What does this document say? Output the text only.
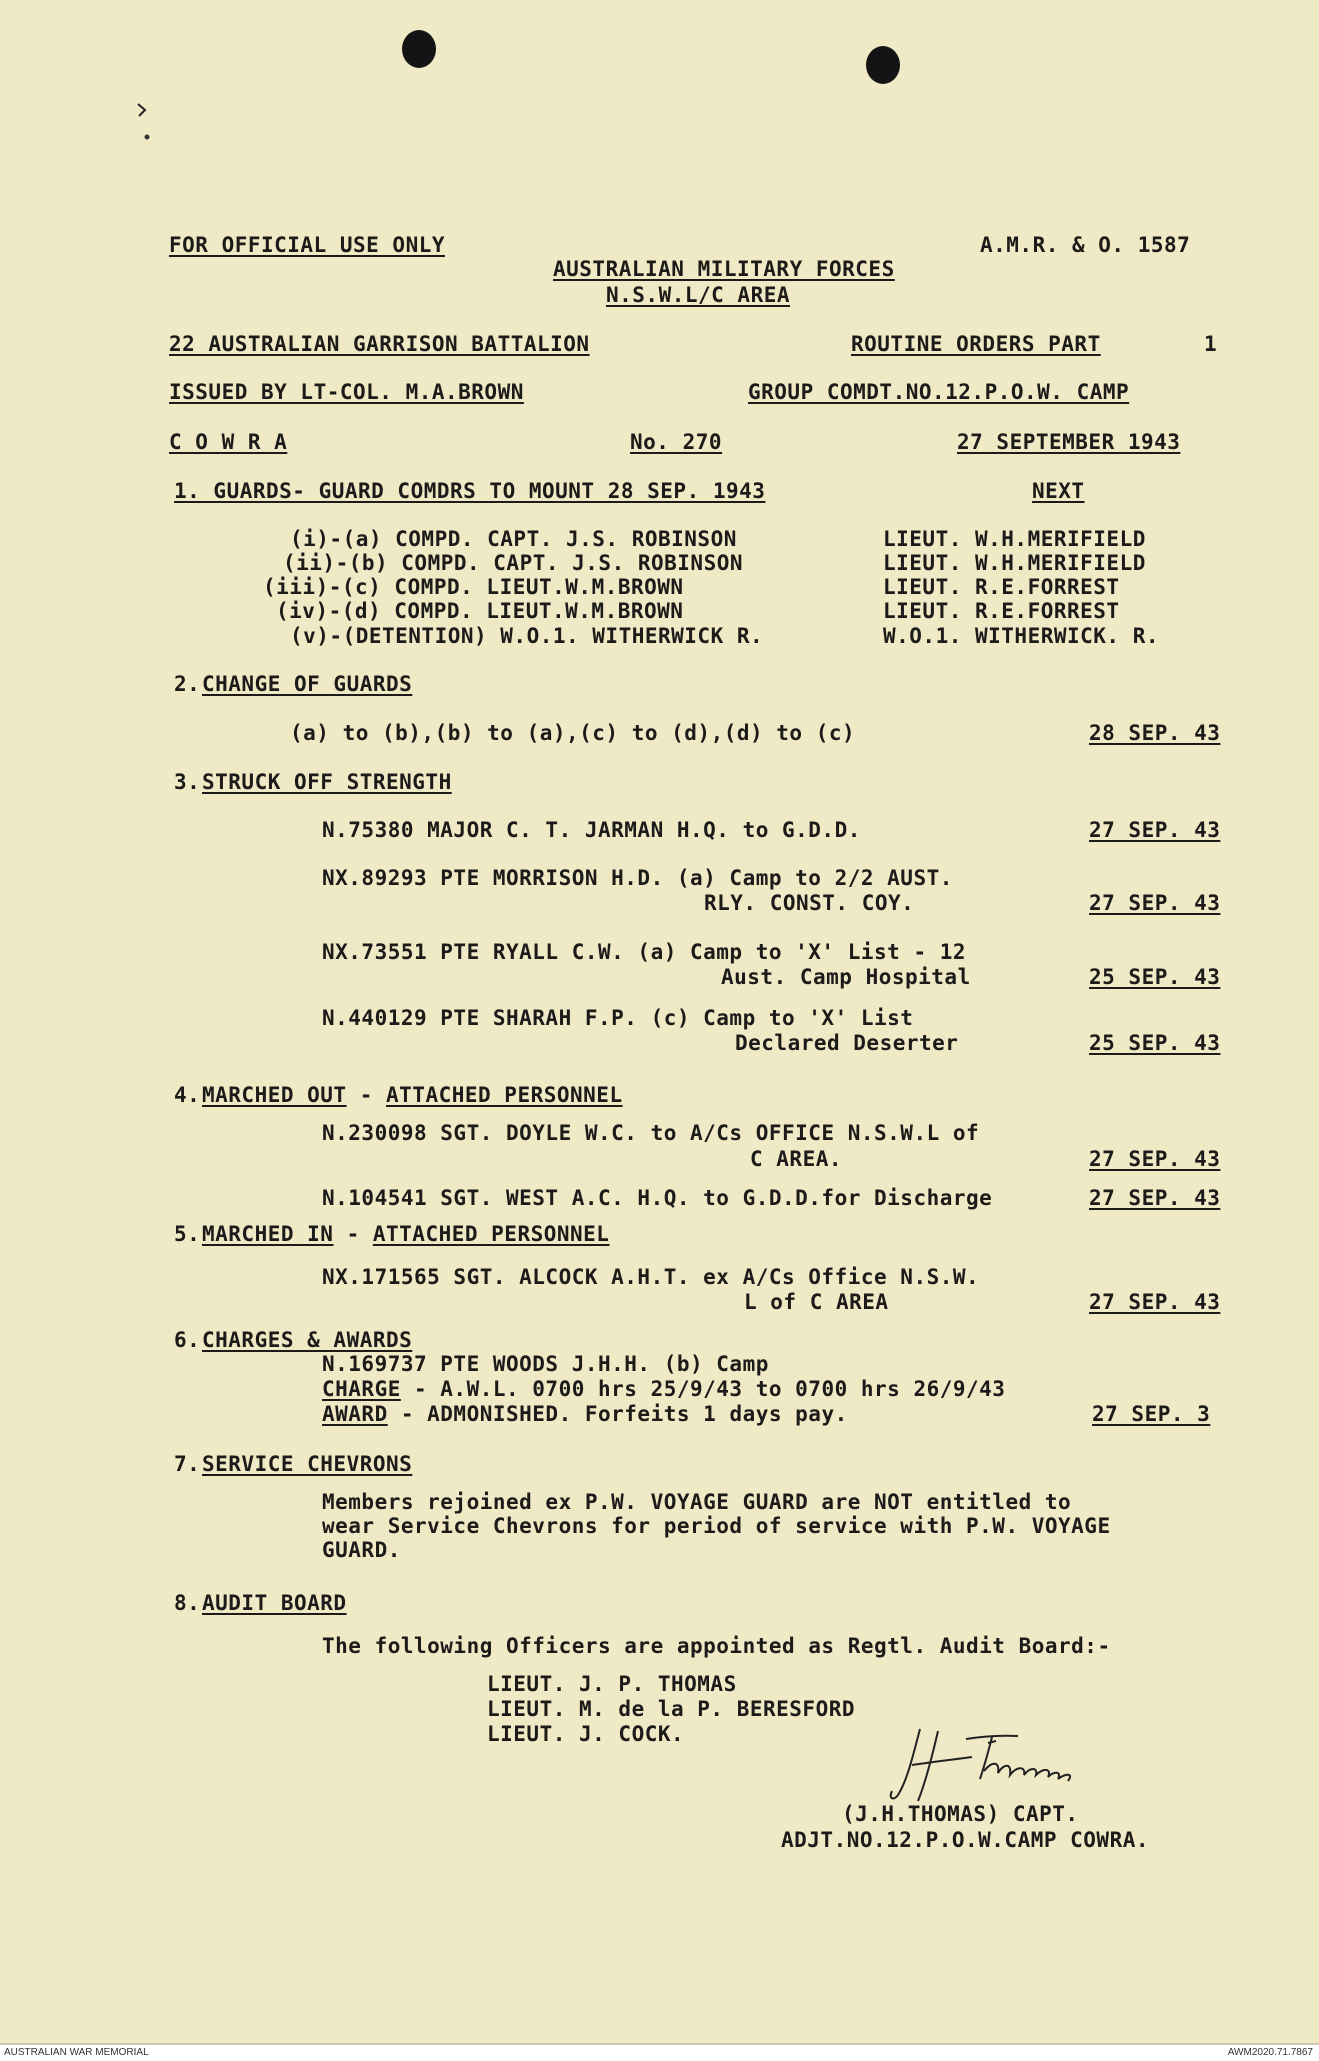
FOR OFFICIAL USE ONLY	A.M.R. & O. 1587
AUSTRALIAN MILITARY FORCES
N.S.W.L/C AREA
22 AUSTRALIAN GARRISON BATTALION	ROUTINE ORDERS PART	1
ISSUED BY LT-COL. M.A.BROWN	GROUP COMDT.NO.12.P.O.W. CAMP
C O W R A	No. 270	27 SEPTEMBER 1943
1. GUARDS- GUARD COMDRS TO MOUNT 28 SEP. 1943	NEXT
(i)-(a) COMPD. CAPT. J.S. ROBINSON	LIEUT. W.H.MERIFIELD
(ii)-(b) COMPD. CAPT. J.S. ROBINSON	LIEUT. W.H.MERIFIELD
(iii)-(c) COMPD. LIEUT.W.M.BROWN	LIEUT. R.E.FORREST
(iv)-(d) COMPD. LIEUT.W.M.BROWN	LIEUT. R.E.FORREST
(v)-(DETENTION) W.O.1. WITHERWICK R.	W.O.1. WITHERWICK. R.
2. CHANGE OF GUARDS
(a) to (b),(b) to (a),(c) to (d),(d) to (c)	28 SEP. 43
3. STRUCK OFF STRENGTH
N.75380 MAJOR C. T. JARMAN H.Q. to G.D.D.	27 SEP. 43
NX.89293 PTE MORRISON H.D. (a) Camp to 2/2 AUST.
RLY. CONST. COY.	27 SEP. 43
NX.73551 PTE RYALL C.W. (a) Camp to 'X' List - 12
Aust. Camp Hospital	25 SEP. 43
N.440129 PTE SHARAH F.P. (c) Camp to 'X' List
Declared Deserter	25 SEP. 43
4. MARCHED OUT - ATTACHED PERSONNEL
N.230098 SGT. DOYLE W.C. to A/Cs OFFICE N.S.W.L of
C AREA.	27 SEP. 43
N.104541 SGT. WEST A.C. H.Q. to G.D.D.for Discharge	27 SEP. 43
5. MARCHED IN - ATTACHED PERSONNEL
NX.171565 SGT. ALCOCK A.H.T. ex A/Cs Office N.S.W.
L of C AREA	27 SEP. 43
6. CHARGES & AWARDS
N.169737 PTE WOODS J.H.H. (b) Camp
CHARGE - A.W.L. 0700 hrs 25/9/43 to 0700 hrs 26/9/43
AWARD - ADMONISHED. Forfeits 1 days pay.	27 SEP. 3
7. SERVICE CHEVRONS
Members rejoined ex P.W. VOYAGE GUARD are NOT entitled to
wear Service Chevrons for period of service with P.W. VOYAGE
GUARD.
8. AUDIT BOARD
The following Officers are appointed as Regtl. Audit Board:-
LIEUT. J. P. THOMAS
LIEUT. M. de la P. BERESFORD
LIEUT. J. COCK.
(J.H.THOMAS) CAPT.
ADJT.NO.12.P.O.W.CAMP COWRA.
AUSTRALIAN WAR MEMORIAL	AWM2020.71.7867
